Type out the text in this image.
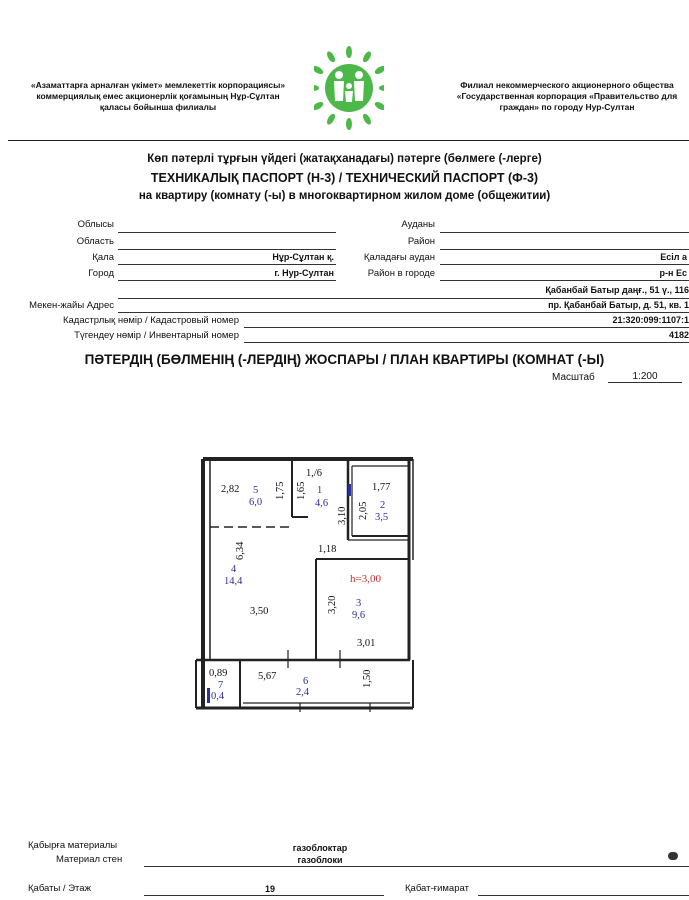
«Азаматтарға арналған үкімет» мемлекеттік корпорациясы»
коммерциялық емес акционерлік қоғамының Нұр-Сұлтан
қаласы бойынша филиалы
Филиал некоммерческого акционерного общества
«Государственная корпорация «Правительство для
граждан» по городу Нур-Султан
Көп пәтерлі тұрғын үйдегі (жатақханадағы) пәтерге (бөлмеге (-лерге)
ТЕХНИКАЛЫҚ ПАСПОРТ (Н-3) / ТЕХНИЧЕСКИЙ ПАСПОРТ (Ф-3)
на квартиру (комнату (-ы) в многоквартирном жилом доме (общежитии)
Облысы
Область
Ауданы
Район
Қала	Нұр-Сұлтан қ.
Город	г. Нур-Султан
Қаладағы аудан	Есіл а
Район в городе	р-н Ес
Қабанбай Батыр даңғ., 51 ү., 116
Мекен-жайы Адрес	пр. Қабанбай Батыр, д. 51, кв. 1
Кадастрлық нөмір / Кадастровый номер	21:320:099:1107:1
Түгендеу нөмір / Инвентарный номер	4182
ПӘТЕРДІҢ (БӨЛМЕНІҢ (-ЛЕРДІҢ) ЖОСПАРЫ / ПЛАН КВАРТИРЫ (КОМНАТ (-Ы)
Масштаб	1:200
2,82 5
6,0
1,75
1,/6
1,65 1
4,6
1,77
3,10 2,05 2
3,5
6,34	1,18
4
14,4
3,50
h=3,00
3,20 3
9,6
3,01
0,89
7
0,4
5,67	6
2,4
1,50
Қабырға материалы	газоблоктар
Материал стен	газоблоки
Қабаты / Этаж	19	Қабат-ғимарат
